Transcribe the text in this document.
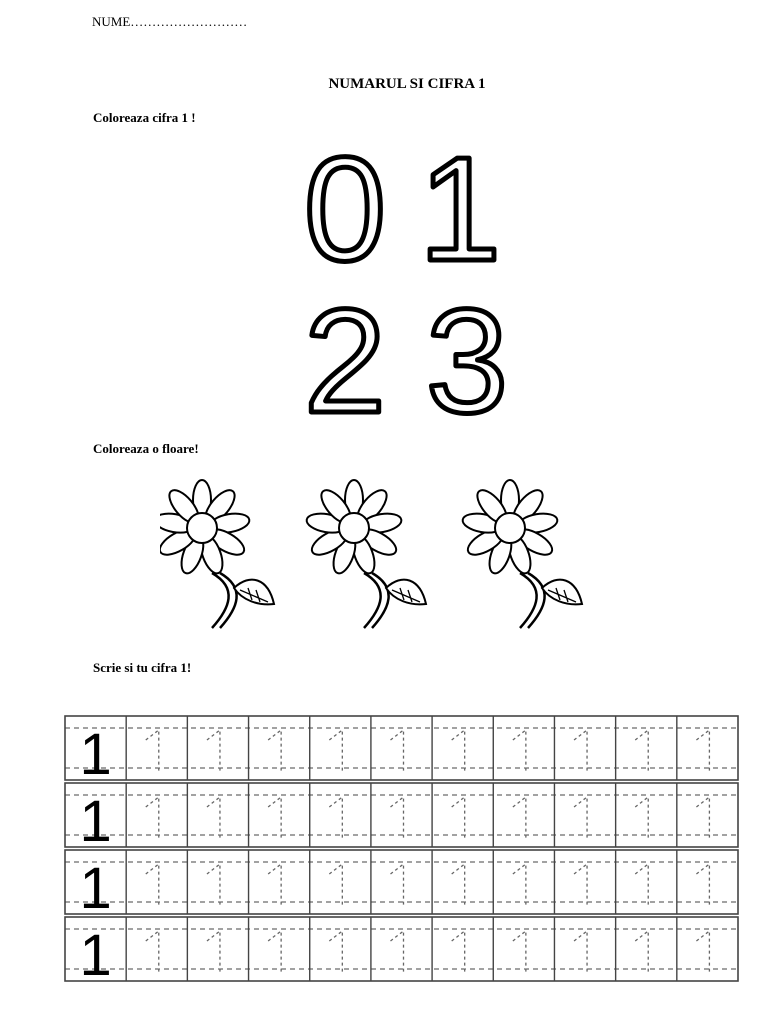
NUME………………………
NUMARUL SI CIFRA 1
Coloreaza cifra 1 !
0 1
2 3
Coloreaza o floare!
Scrie si tu cifra 1!
1
1
1
1
